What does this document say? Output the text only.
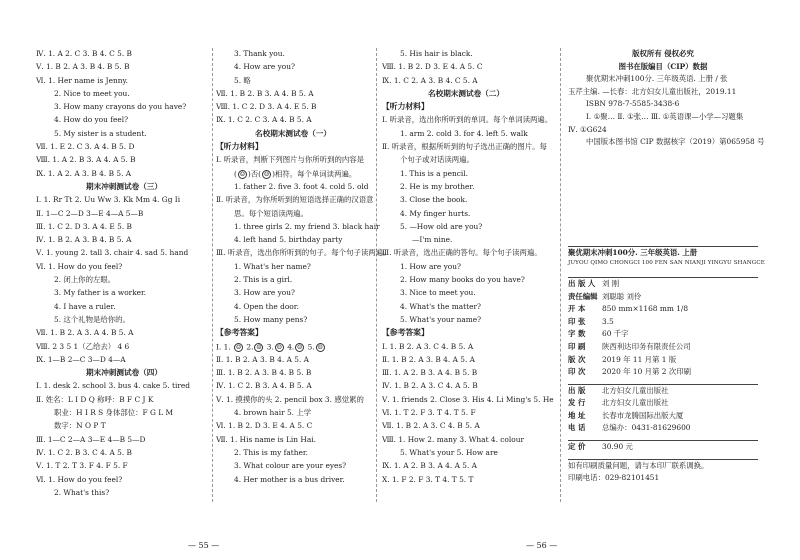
Ⅳ. 1. A 2. C 3. B 4. C 5. B
Ⅴ. 1. B 2. A 3. B 4. B 5. B
Ⅵ. 1. Her name is Jenny.
2. Nice to meet you.
3. How many crayons do you have?
4. How do you feel?
5. My sister is a student.
Ⅶ. 1. E 2. C 3. A 4. B 5. D
Ⅷ. 1. A 2. B 3. A 4. A 5. B
Ⅸ. 1. A 2. A 3. B 4. B 5. A
期末冲刺测试卷（三）
Ⅰ. 1. Rr Tt 2. Uu Ww 3. Kk Mm 4. Gg Ii
Ⅱ. 1—C 2—D 3—E 4—A 5—B
Ⅲ. 1. C 2. D 3. A 4. E 5. B
Ⅳ. 1. B 2. A 3. B 4. B 5. A
Ⅴ. 1. young 2. tall 3. chair 4. sad 5. hand
Ⅵ. 1. How do you feel?
2. 闭上你的左眼。
3. My father is a worker.
4. I have a ruler.
5. 这个礼物是给你的。
Ⅶ. 1. B 2. A 3. A 4. B 5. A
Ⅷ. 2 3 5 1（乙给去） 4 6
Ⅸ. 1—B 2—C 3—D 4—A
期末冲刺测试卷（四）
Ⅰ. 1. desk 2. school 3. bus 4. cake 5. tired
Ⅱ. 姓名：L I D Q 称呼：B F C J K
职业：H I R S 身体部位：F G L M
数字：N O P T
Ⅲ. 1—C 2—A 3—E 4—B 5—D
Ⅳ. 1. C 2. B 3. C 4. A 5. B
Ⅴ. 1. T 2. T 3. F 4. F 5. F
Ⅵ. 1. How do you feel?
2. What's this?
3. Thank you.
4. How are you?
5. 略
Ⅶ. 1. B 2. B 3. A 4. B 5. A
Ⅷ. 1. C 2. D 3. A 4. E 5. B
Ⅸ. 1. C 2. C 3. A 4. B 5. A
名校期末测试卷（一）
【听力材料】
Ⅰ. 听录音，判断下列图片与你所听到的内容是
( ☺ )否( ☹ )相符。每个单词读两遍。
1. father 2. five 3. foot 4. cold 5. old
Ⅱ. 听录音，为你所听到的短语选择正确的汉语意
思。每个短语读两遍。
1. three girls 2. my friend 3. black hair
4. left hand 5. birthday party
Ⅲ. 听录音，选出你所听到的句子。每个句子读两遍。
1. What's her name?
2. This is a girl.
3. How are you?
4. Open the door.
5. How many pens?
【参考答案】
Ⅰ. 1. ☺ 2. ☺ 3. ☹ 4. ☺ 5. ☹
Ⅱ. 1. B 2. A 3. B 4. A 5. A
Ⅲ. 1. B 2. A 3. B 4. B 5. B
Ⅳ. 1. C 2. B 3. A 4. B 5. A
Ⅴ. 1. 摸摸你的头 2. pencil box 3. 感觉累的
4. brown hair 5. 上学
Ⅵ. 1. B 2. D 3. E 4. A 5. C
Ⅶ. 1. His name is Lin Hai.
2. This is my father.
3. What colour are your eyes?
4. Her mother is a bus driver.
5. His hair is black.
Ⅷ. 1. B 2. D 3. E 4. A 5. C
Ⅸ. 1. C 2. A 3. B 4. C 5. A
名校期末测试卷（二）
【听力材料】
Ⅰ. 听录音，选出你所听到的单词。每个单词读两遍。
1. arm 2. cold 3. for 4. left 5. walk
Ⅱ. 听录音，根据所听到的句子选出正确的图片。每
个句子或对话读两遍。
1. This is a pencil.
2. He is my brother.
3. Close the book.
4. My finger hurts.
5. —How old are you?
—I'm nine.
Ⅲ. 听录音，选出正确的答句。每个句子读两遍。
1. How are you?
2. How many books do you have?
3. Nice to meet you.
4. What's the matter?
5. What's your name?
【参考答案】
Ⅰ. 1. B 2. A 3. C 4. B 5. A
Ⅱ. 1. B 2. A 3. B 4. A 5. A
Ⅲ. 1. A 2. B 3. A 4. B 5. B
Ⅳ. 1. B 2. A 3. C 4. A 5. B
Ⅴ. 1. friends 2. Close 3. His 4. Li Ming's 5. He
Ⅵ. 1. T 2. F 3. T 4. T 5. F
Ⅶ. 1. B 2. A 3. C 4. B 5. A
Ⅷ. 1. How 2. many 3. What 4. colour
5. What's your 5. How are
Ⅸ. 1. A 2. B 3. A 4. A 5. A
Ⅹ. 1. F 2. F 3. T 4. T 5. T
版权所有 侵权必究
图书在版编目（CIP）数据
聚优期末冲刺100分. 三年级英语. 上册 / 张
玉芹主编. —长春：北方妇女儿童出版社，2019.11
ISBN 978-7-5585-3438-6
Ⅰ. ①聚… Ⅱ. ①张… Ⅲ. ①英语课—小学—习题集
Ⅳ. ①G624
中国版本图书馆 CIP 数据核字（2019）第065958 号
聚优期末冲刺100分. 三年级英语. 上册
JUYOU QIMO CHONGCI 100 FEN SAN NIANJI YINGYU SHANGCE
出 版 人 刘 刚
责任编辑 刘聪聪 刘伶
开 本	850 mm×1168 mm 1/8
印 张	3.5
字 数	60 千字
印 刷	陕西利达印务有限责任公司
版 次	2019 年 11 月第 1 版
印 次	2020 年 10 月第 2 次印刷
出 版	北方妇女儿童出版社
发 行	北方妇女儿童出版社
地 址	长春市龙腾国际出版大厦
电 话	总编办：0431-81629600
定 价	30.90 元
如有印刷质量问题，请与本印厂联系调换。
印刷电话：029-82101451
— 55 —	— 56 —
